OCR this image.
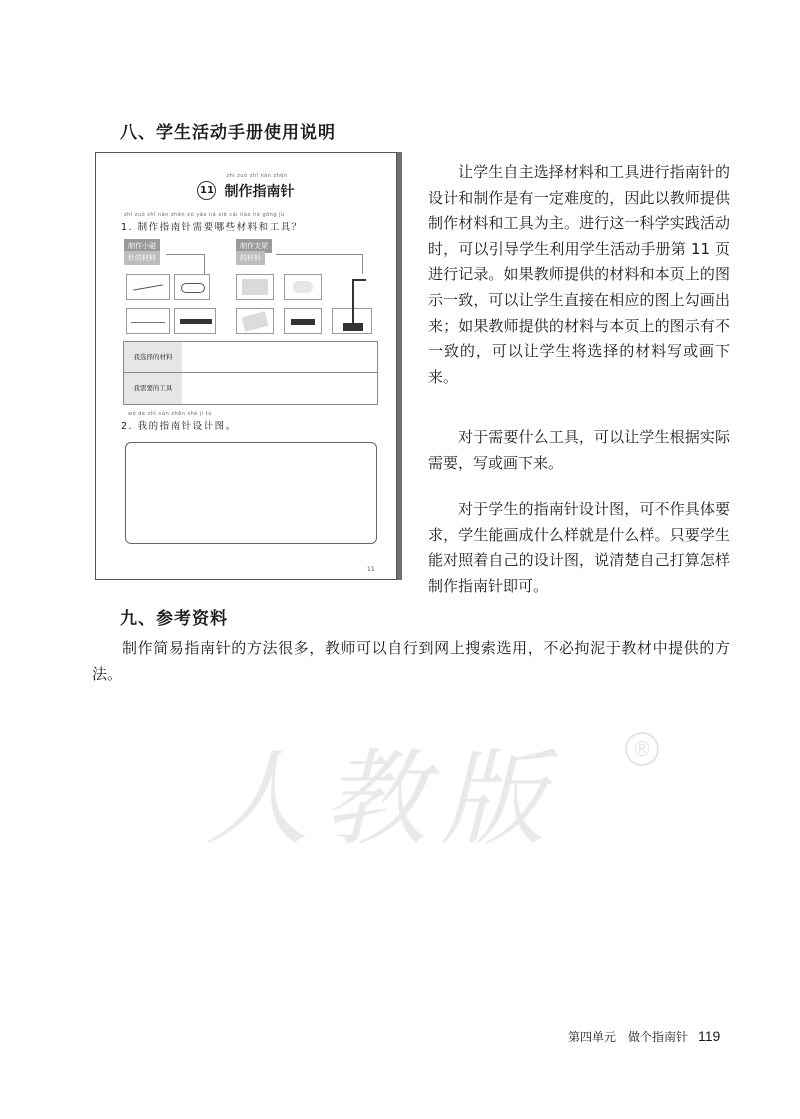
八、学生活动手册使用说明
zhì zuò zhǐ nán zhēn
11 制作指南针
zhì zuò zhǐ nán zhēn xū yào nǎ xiē cái liào hé gōng jù
1. 制作指南针需要哪些材料和工具？
制作小磁
针的材料
制作支架
的材料
我选择的材料
我需要的工具
wǒ de zhǐ nán zhēn shè jì tú
2. 我的指南针设计图。
11
让学生自主选择材料和工具进行指南针的设计和制作是有一定难度的，因此以教师提供制作材料和工具为主。进行这一科学实践活动时，可以引导学生利用学生活动手册第 11 页进行记录。如果教师提供的材料和本页上的图示一致，可以让学生直接在相应的图上勾画出来；如果教师提供的材料与本页上的图示有不一致的，可以让学生将选择的材料写或画下来。
对于需要什么工具，可以让学生根据实际需要，写或画下来。
对于学生的指南针设计图，可不作具体要求，学生能画成什么样就是什么样。只要学生能对照着自己的设计图，说清楚自己打算怎样制作指南针即可。
九、参考资料
制作简易指南针的方法很多，教师可以自行到网上搜索选用，不必拘泥于教材中提供的方法。
人教版	®
第四单元　做个指南针 119
